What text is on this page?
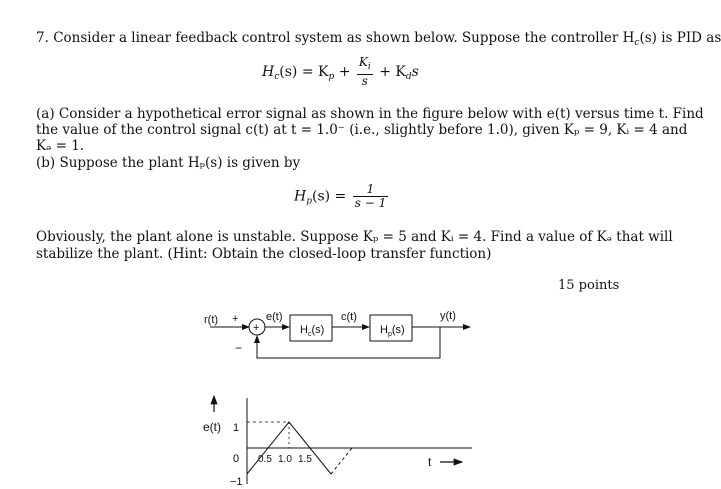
7. Consider a linear feedback control system as shown below. Suppose the controller $H_c(s)$ is PID as
$H_c(s) = K_p + \frac{K_i}{s} + K_ds$
(a) Consider a hypothetical error signal as shown in the figure below with e(t) versus time t. Find
the value of the control signal c(t) at t = 1.0⁻ (i.e., slightly before 1.0), given Kₚ = 9, Kᵢ = 4 and
Kₔ = 1.
(b) Suppose the plant Hₚ(s) is given by
$H_p(s) = \frac{1}{s - 1}$
Obviously, the plant alone is unstable. Suppose Kₚ = 5 and Kᵢ = 4. Find a value of Kₔ that will
stabilize the plant. (Hint: Obtain the closed-loop transfer function)
15 points
r(t) +
+
e(t)
$H_c(s)$
c(t)
$H_p(s)$
y(t)
−
e(t)
t
1
0
−1
0.5 1.0 1.5
